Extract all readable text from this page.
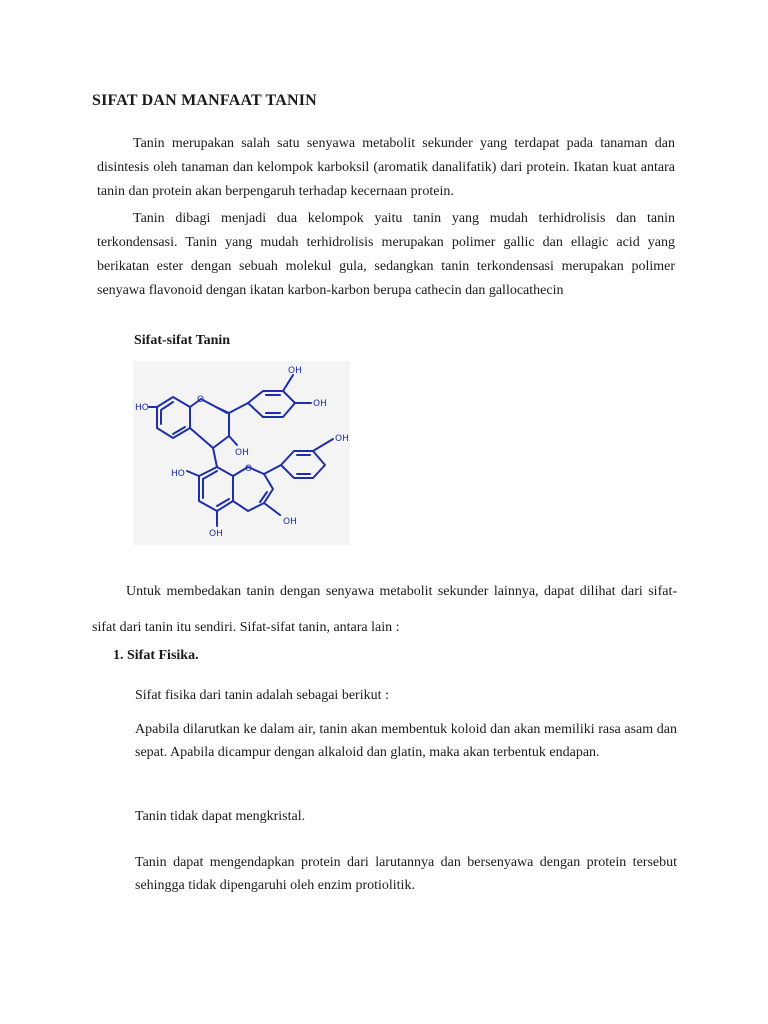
SIFAT DAN MANFAAT TANIN

Tanin merupakan salah satu senyawa metabolit sekunder yang terdapat pada tanaman dan disintesis oleh tanaman dan kelompok karboksil (aromatik danalifatik) dari protein. Ikatan kuat antara tanin dan protein akan berpengaruh terhadap kecernaan protein.

Tanin dibagi menjadi dua kelompok yaitu tanin yang mudah terhidrolisis dan tanin terkondensasi. Tanin yang mudah terhidrolisis merupakan polimer gallic dan ellagic acid yang berikatan ester dengan sebuah molekul gula, sedangkan tanin terkondensasi merupakan polimer senyawa flavonoid dengan ikatan karbon-karbon berupa cathecin dan gallocathecin

Sifat-sifat Tanin
OH
OH
HO
O
OH
OH
HO	O
OH
OH

Untuk membedakan tanin dengan senyawa metabolit sekunder lainnya, dapat dilihat dari sifat-sifat dari tanin itu sendiri. Sifat-sifat tanin, antara lain :

1. Sifat Fisika.

Sifat fisika dari tanin adalah sebagai berikut :

Apabila dilarutkan ke dalam air, tanin akan membentuk koloid dan akan memiliki rasa asam dan sepat. Apabila dicampur dengan alkaloid dan glatin, maka akan terbentuk endapan.

Tanin tidak dapat mengkristal.

Tanin dapat mengendapkan protein dari larutannya dan bersenyawa dengan protein tersebut sehingga tidak dipengaruhi oleh enzim protiolitik.
